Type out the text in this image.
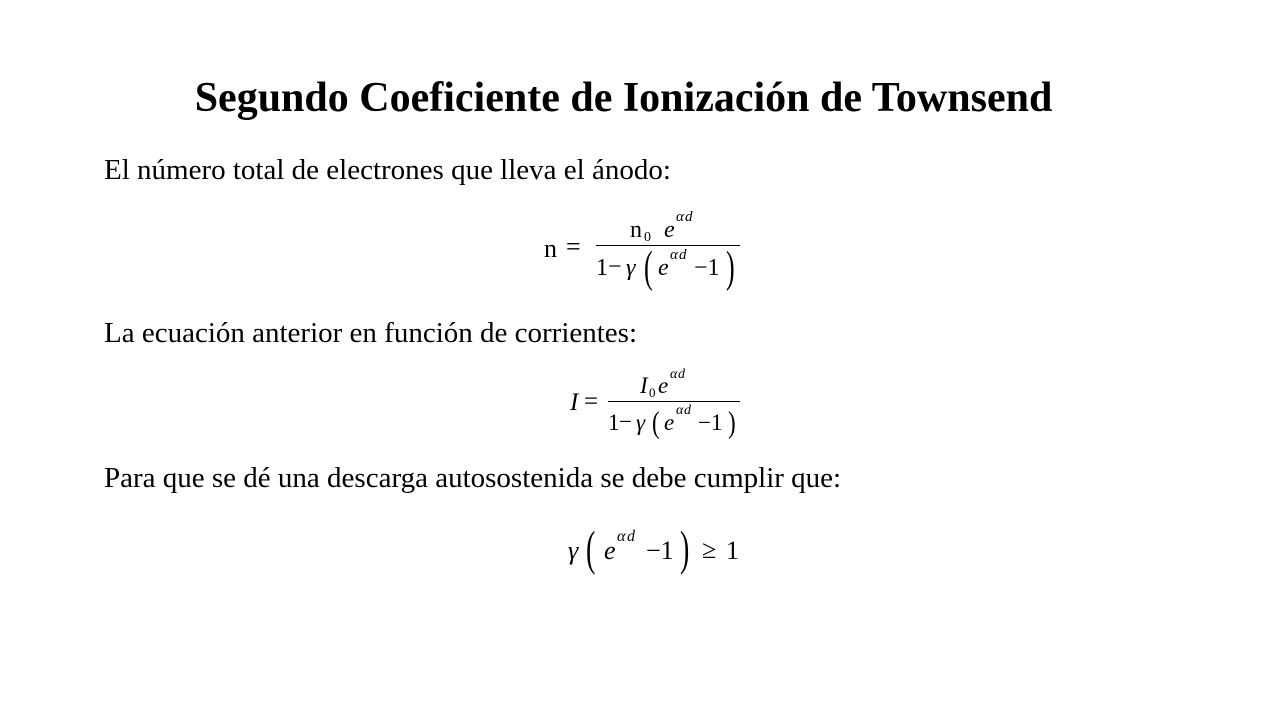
Segundo Coeficiente de Ionización de Townsend
El número total de electrones que lleva el ánodo:
n =
n 0 e α d
1 − γ ( e α d −1 )
La ecuación anterior en función de corrientes:
I =
I 0 e α d
1 − γ ( e α d −1 )
Para que se dé una descarga autosostenida se debe cumplir que:
γ ( e α d −1 ) ≥ 1
